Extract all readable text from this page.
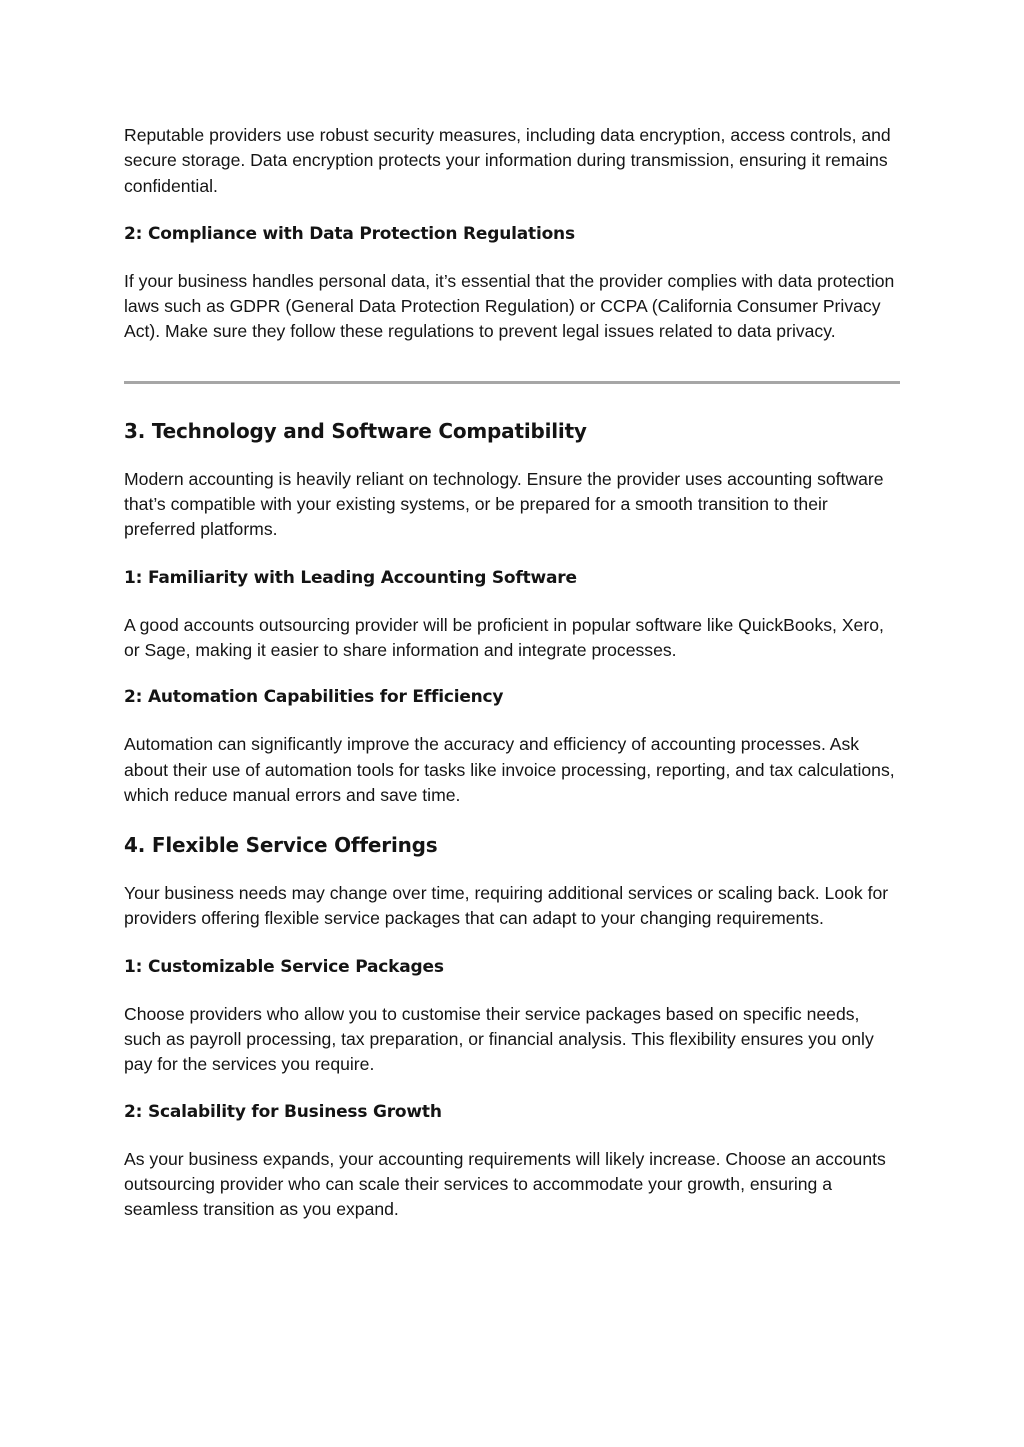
Reputable providers use robust security measures, including data encryption, access controls, and secure storage. Data encryption protects your information during transmission, ensuring it remains confidential.

2: Compliance with Data Protection Regulations

If your business handles personal data, it’s essential that the provider complies with data protection laws such as GDPR (General Data Protection Regulation) or CCPA (California Consumer Privacy Act). Make sure they follow these regulations to prevent legal issues related to data privacy.

3. Technology and Software Compatibility

Modern accounting is heavily reliant on technology. Ensure the provider uses accounting software that’s compatible with your existing systems, or be prepared for a smooth transition to their preferred platforms.

1: Familiarity with Leading Accounting Software

A good accounts outsourcing provider will be proficient in popular software like QuickBooks, Xero, or Sage, making it easier to share information and integrate processes.

2: Automation Capabilities for Efficiency

Automation can significantly improve the accuracy and efficiency of accounting processes. Ask about their use of automation tools for tasks like invoice processing, reporting, and tax calculations, which reduce manual errors and save time.

4. Flexible Service Offerings

Your business needs may change over time, requiring additional services or scaling back. Look for providers offering flexible service packages that can adapt to your changing requirements.

1: Customizable Service Packages

Choose providers who allow you to customise their service packages based on specific needs, such as payroll processing, tax preparation, or financial analysis. This flexibility ensures you only pay for the services you require.

2: Scalability for Business Growth

As your business expands, your accounting requirements will likely increase. Choose an accounts outsourcing provider who can scale their services to accommodate your growth, ensuring a seamless transition as you expand.
